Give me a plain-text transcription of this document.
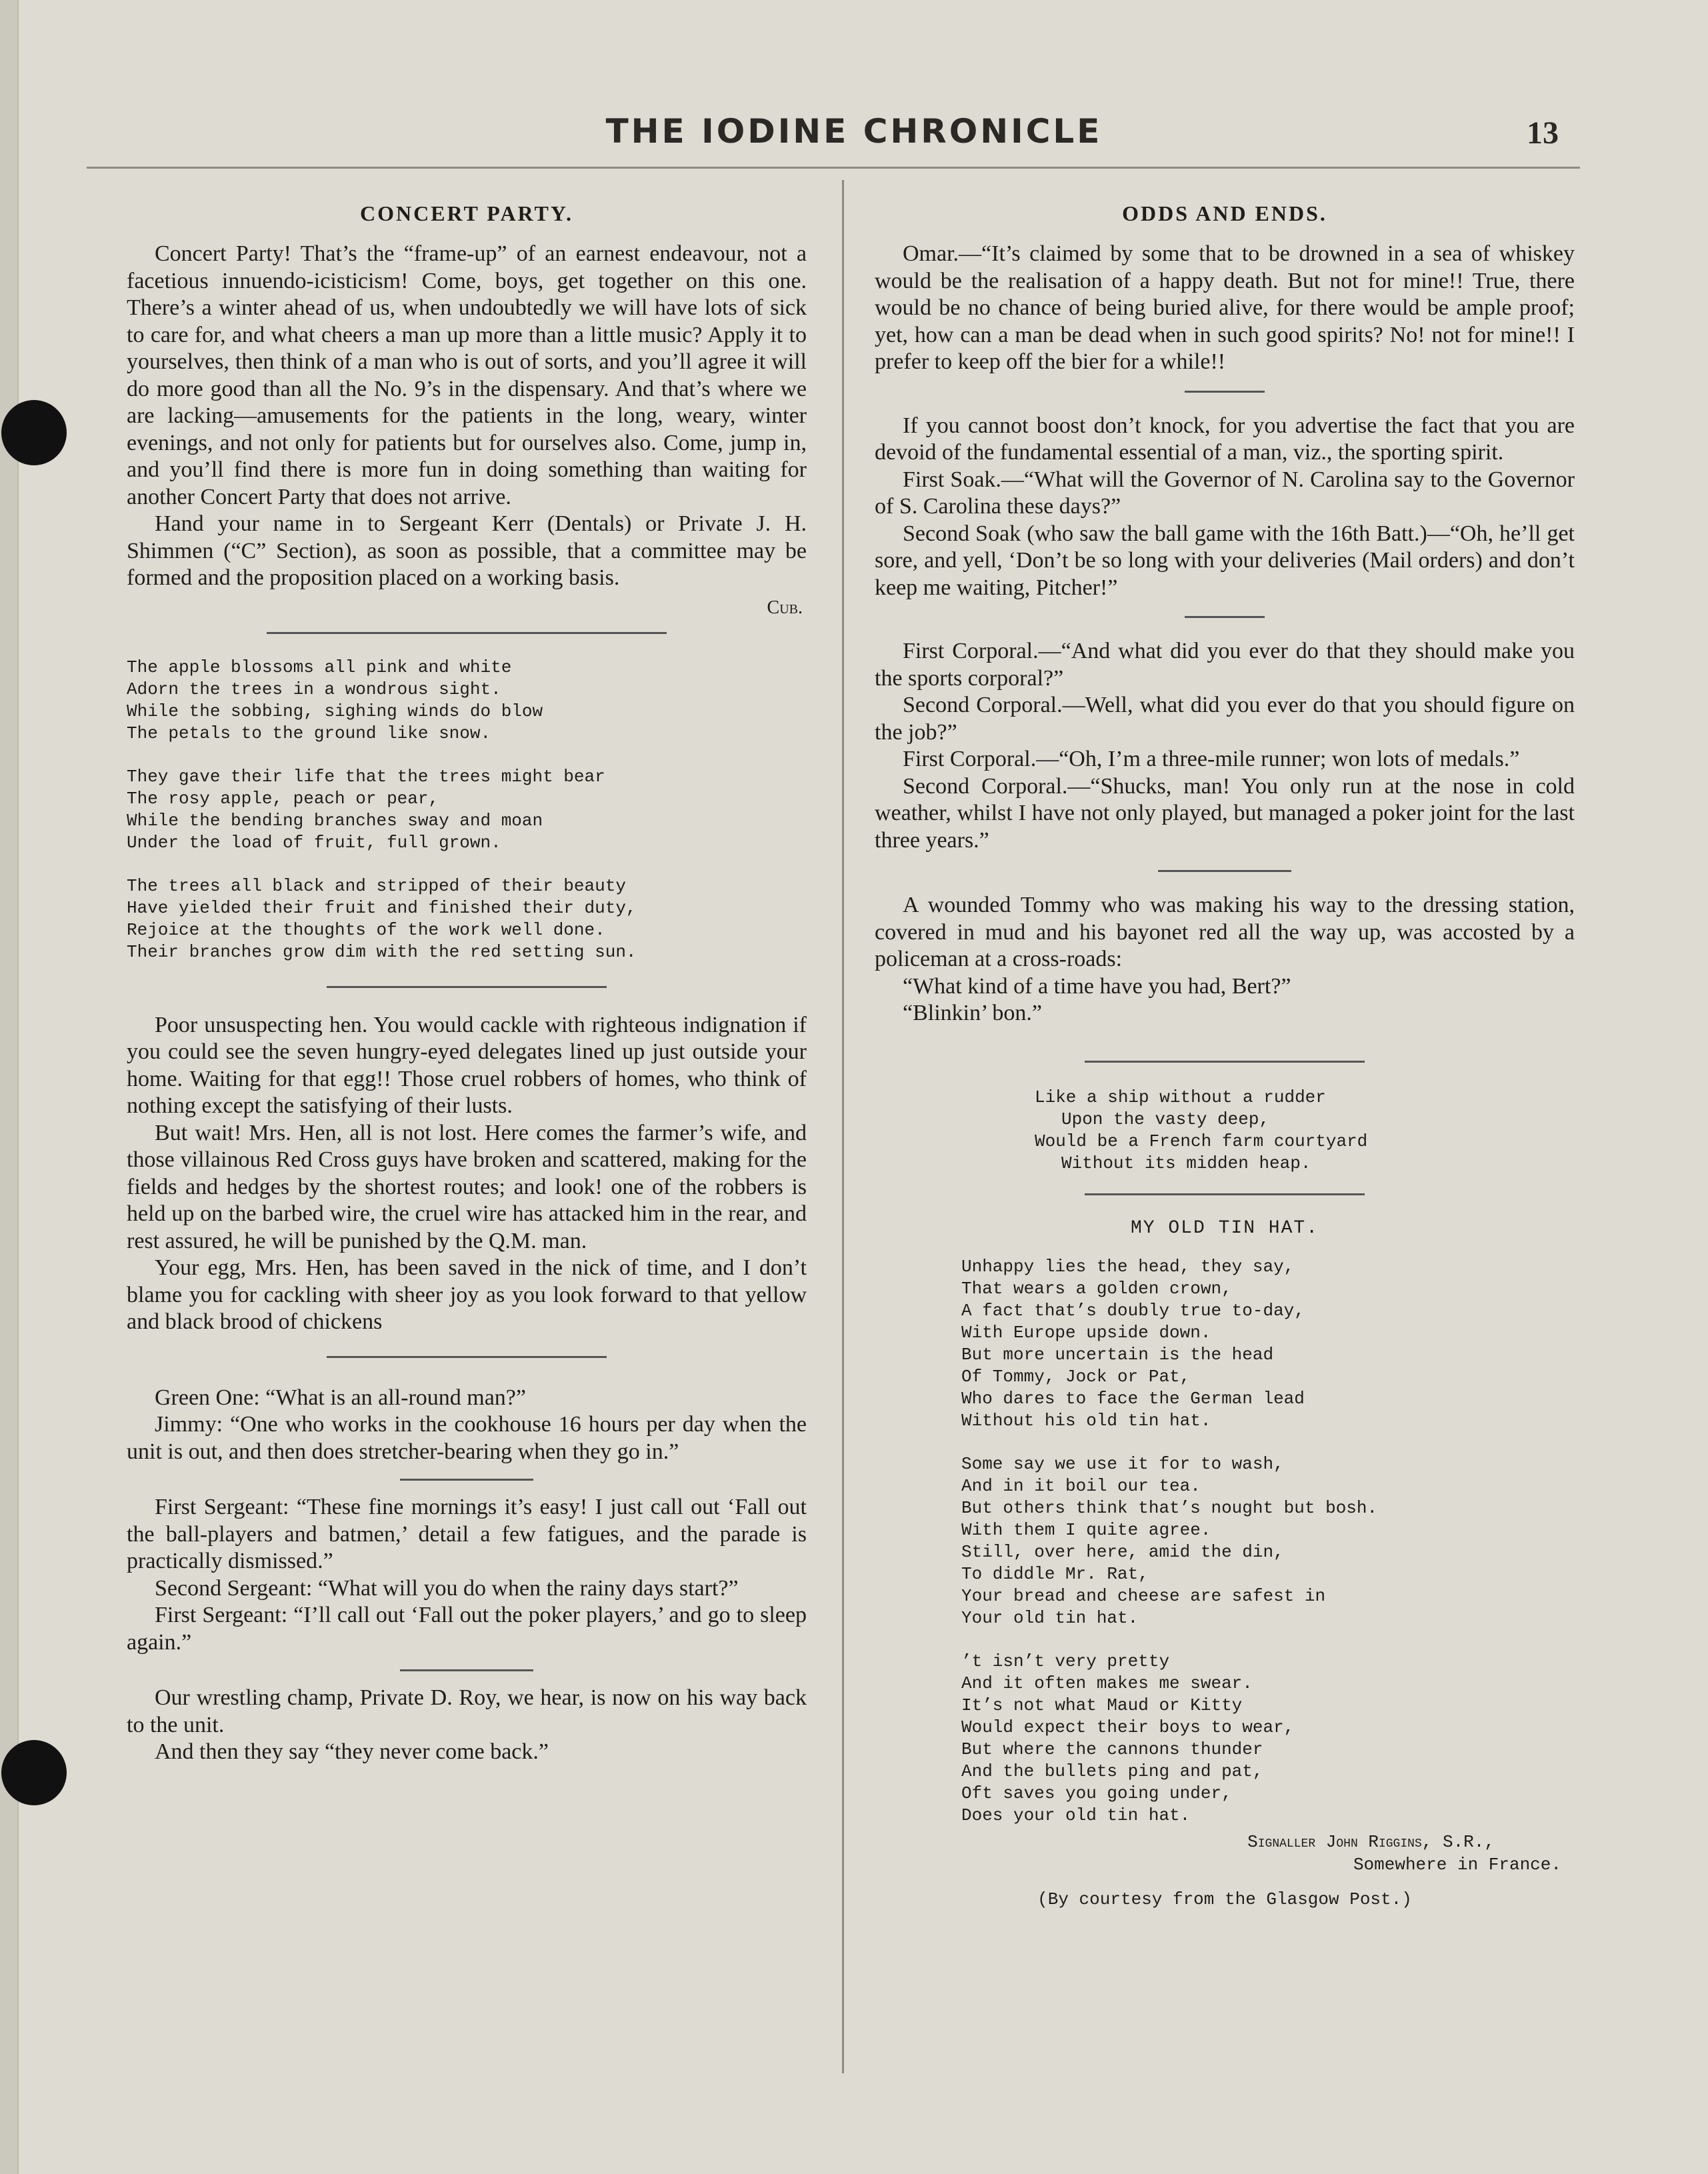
THE IODINE CHRONICLE	13
CONCERT PARTY.

Concert Party! That’s the “frame-up” of an earnest endeavour, not a facetious innuendo-icisticism! Come, boys, get together on this one. There’s a winter ahead of us, when undoubtedly we will have lots of sick to care for, and what cheers a man up more than a little music? Apply it to yourselves, then think of a man who is out of sorts, and you’ll agree it will do more good than all the No. 9’s in the dispensary. And that’s where we are lacking—amusements for the patients in the long, weary, winter evenings, and not only for patients but for ourselves also. Come, jump in, and you’ll find there is more fun in doing something than waiting for another Concert Party that does not arrive.

Hand your name in to Sergeant Kerr (Dentals) or Private J. H. Shimmen (“C” Section), as soon as possible, that a committee may be formed and the proposition placed on a working basis.

Cub.
The apple blossoms all pink and white
Adorn the trees in a wondrous sight.
While the sobbing, sighing winds do blow
The petals to the ground like snow.
They gave their life that the trees might bear
The rosy apple, peach or pear,
While the bending branches sway and moan
Under the load of fruit, full grown.
The trees all black and stripped of their beauty
Have yielded their fruit and finished their duty,
Rejoice at the thoughts of the work well done.
Their branches grow dim with the red setting sun.

Poor unsuspecting hen. You would cackle with righteous indignation if you could see the seven hungry-eyed delegates lined up just outside your home. Waiting for that egg!! Those cruel robbers of homes, who think of nothing except the satisfying of their lusts.

But wait! Mrs. Hen, all is not lost. Here comes the farmer’s wife, and those villainous Red Cross guys have broken and scattered, making for the fields and hedges by the shortest routes; and look! one of the robbers is held up on the barbed wire, the cruel wire has attacked him in the rear, and rest assured, he will be punished by the Q.M. man.

Your egg, Mrs. Hen, has been saved in the nick of time, and I don’t blame you for cackling with sheer joy as you look forward to that yellow and black brood of chickens

Green One: “What is an all-round man?”

Jimmy: “One who works in the cookhouse 16 hours per day when the unit is out, and then does stretcher-bearing when they go in.”

First Sergeant: “These fine mornings it’s easy! I just call out ‘Fall out the ball-players and batmen,’ detail a few fatigues, and the parade is practically dismissed.”

Second Sergeant: “What will you do when the rainy days start?”

First Sergeant: “I’ll call out ‘Fall out the poker players,’ and go to sleep again.”

Our wrestling champ, Private D. Roy, we hear, is now on his way back to the unit.

And then they say “they never come back.”

ODDS AND ENDS.

Omar.—“It’s claimed by some that to be drowned in a sea of whiskey would be the realisation of a happy death. But not for mine!! True, there would be no chance of being buried alive, for there would be ample proof; yet, how can a man be dead when in such good spirits? No! not for mine!! I prefer to keep off the bier for a while!!

If you cannot boost don’t knock, for you advertise the fact that you are devoid of the fundamental essential of a man, viz., the sporting spirit.

First Soak.—“What will the Governor of N. Carolina say to the Governor of S. Carolina these days?”

Second Soak (who saw the ball game with the 16th Batt.)—“Oh, he’ll get sore, and yell, ‘Don’t be so long with your deliveries (Mail orders) and don’t keep me waiting, Pitcher!”

First Corporal.—“And what did you ever do that they should make you the sports corporal?”

Second Corporal.—Well, what did you ever do that you should figure on the job?”

First Corporal.—“Oh, I’m a three-mile runner; won lots of medals.”

Second Corporal.—“Shucks, man! You only run at the nose in cold weather, whilst I have not only played, but managed a poker joint for the last three years.”

A wounded Tommy who was making his way to the dressing station, covered in mud and his bayonet red all the way up, was accosted by a policeman at a cross-roads:

“What kind of a time have you had, Bert?”

“Blinkin’ bon.”

Like a ship without a rudder
Upon the vasty deep,
Would be a French farm courtyard
Without its midden heap.
MY OLD TIN HAT.
Unhappy lies the head, they say,
That wears a golden crown,
A fact that’s doubly true to-day,
With Europe upside down.
But more uncertain is the head
Of Tommy, Jock or Pat,
Who dares to face the German lead
Without his old tin hat.
Some say we use it for to wash,
And in it boil our tea.
But others think that’s nought but bosh.
With them I quite agree.
Still, over here, amid the din,
To diddle Mr. Rat,
Your bread and cheese are safest in
Your old tin hat.
’t isn’t very pretty
And it often makes me swear.
It’s not what Maud or Kitty
Would expect their boys to wear,
But where the cannons thunder
And the bullets ping and pat,
Oft saves you going under,
Does your old tin hat.
Signaller John Riggins, S.R.,
Somewhere in France.
(By courtesy from the Glasgow Post.)
